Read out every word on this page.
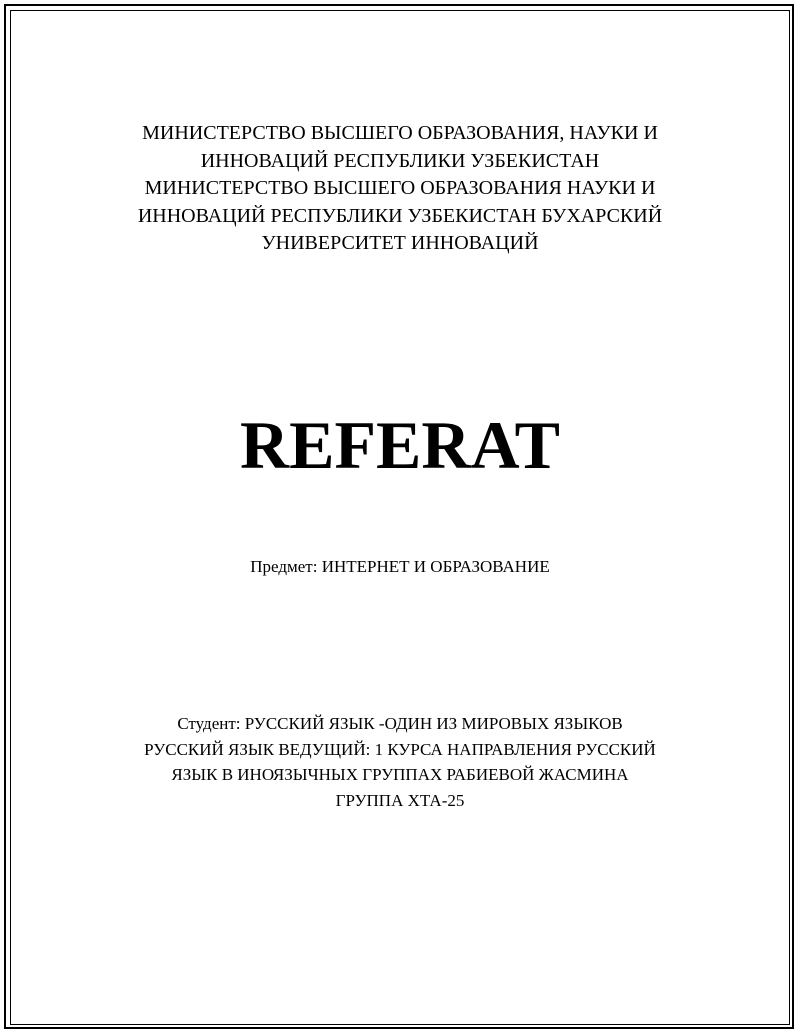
МИНИСТЕРСТВО ВЫСШЕГО ОБРАЗОВАНИЯ, НАУКИ И
ИННОВАЦИЙ РЕСПУБЛИКИ УЗБЕКИСТАН
МИНИСТЕРСТВО ВЫСШЕГО ОБРАЗОВАНИЯ НАУКИ И
ИННОВАЦИЙ РЕСПУБЛИКИ УЗБЕКИСТАН БУХАРСКИЙ
УНИВЕРСИТЕТ ИННОВАЦИЙ
REFERAT
Предмет: ИНТЕРНЕТ И ОБРАЗОВАНИЕ
Студент: РУССКИЙ ЯЗЫК -ОДИН ИЗ МИРОВЫХ ЯЗЫКОВ
РУССКИЙ ЯЗЫК ВЕДУЩИЙ: 1 КУРСА НАПРАВЛЕНИЯ РУССКИЙ
ЯЗЫК В ИНОЯЗЫЧНЫХ ГРУППАХ РАБИЕВОЙ ЖАСМИНА
ГРУППА ХТА-25
